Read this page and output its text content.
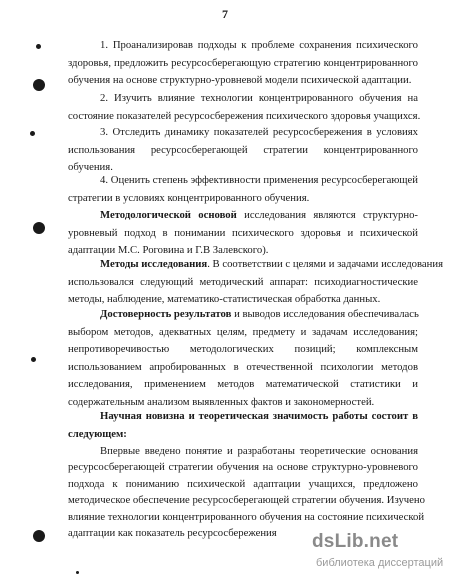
7
1. Проанализировав подходы к проблеме сохранения психического
здоровья, предложить ресурсосберегающую стратегию концентрированного
обучения на основе структурно-уровневой модели психической адаптации.
2. Изучить влияние технологии концентрированного обучения на
состояние показателей ресурсосбережения психического здоровья учащихся.
3. Отследить динамику показателей ресурсосбережения в условиях
использования ресурсосберегающей стратегии концентрированного
обучения.
4. Оценить степень эффективности применения ресурсосберегающей
стратегии в условиях концентрированного обучения.
Методологической основой исследования являются структурно-
уровневый подход в понимании психического здоровья и психической
адаптации М.С. Роговина и Г.В Залевского).
Методы исследования. В соответствии с целями и задачами исследования
использовался следующий методический аппарат: психодиагностические
методы, наблюдение, математико-статистическая обработка данных.
Достоверность результатов и выводов исследования обеспечивалась
выбором методов, адекватных целям, предмету и задачам исследования;
непротиворечивостью методологических позиций; комплексным
использованием апробированных в отечественной психологии методов
исследования, применением методов математической статистики и
содержательным анализом выявленных фактов и закономерностей.
Научная новизна и теоретическая значимость работы состоит в
следующем:
Впервые введено понятие и разработаны теоретические основания
ресурсосберегающей стратегии обучения на основе структурно-уровневого
подхода к пониманию психической адаптации учащихся, предложено
методическое обеспечение ресурсосберегающей стратегии обучения. Изучено
влияние технологии концентрированного обучения на состояние психической
адаптации как показатель ресурсосбережения	dsLib.net
библиотека диссертаций
